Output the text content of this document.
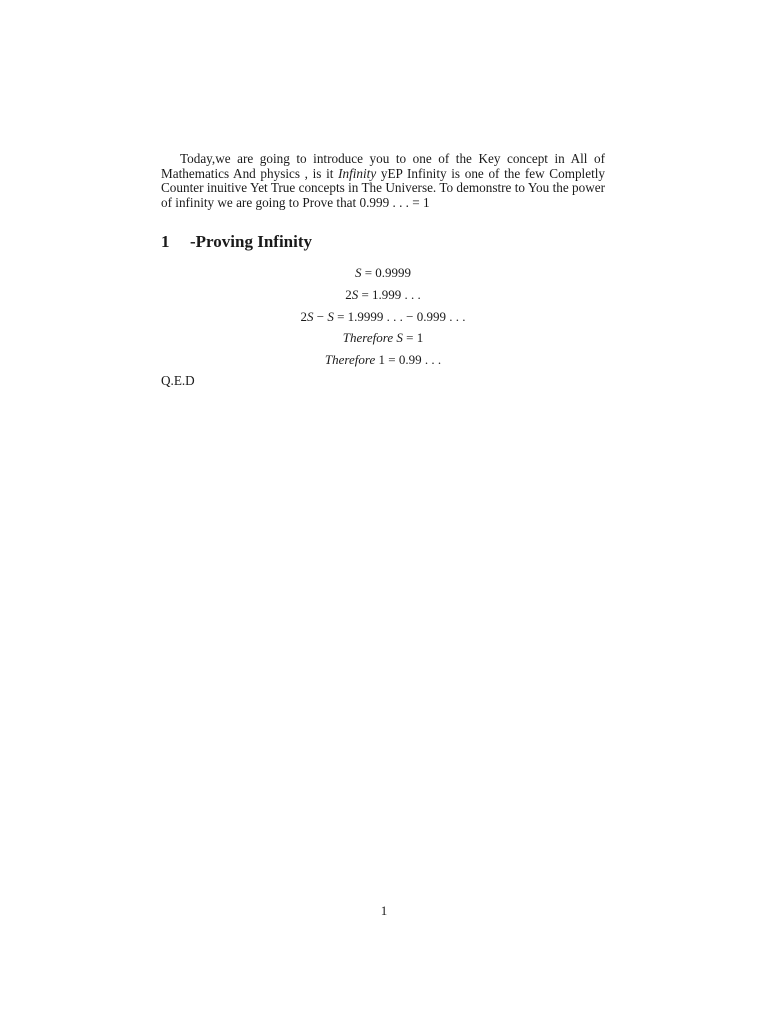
Today,we are going to introduce you to one of the Key concept in All of Mathematics And physics , is it Infinity yEP Infinity is one of the few Completly Counter inuitive Yet True concepts in The Universe. To demonstre to You the power of infinity we are going to Prove that 0.999 . . . = 1

1 -Proving Infinity
S = 0.9999
2S = 1.999 . . .
2S − S = 1.9999 . . . − 0.999 . . .
Therefore S = 1
Therefore 1 = 0.99 . . .

Q.E.D

1
